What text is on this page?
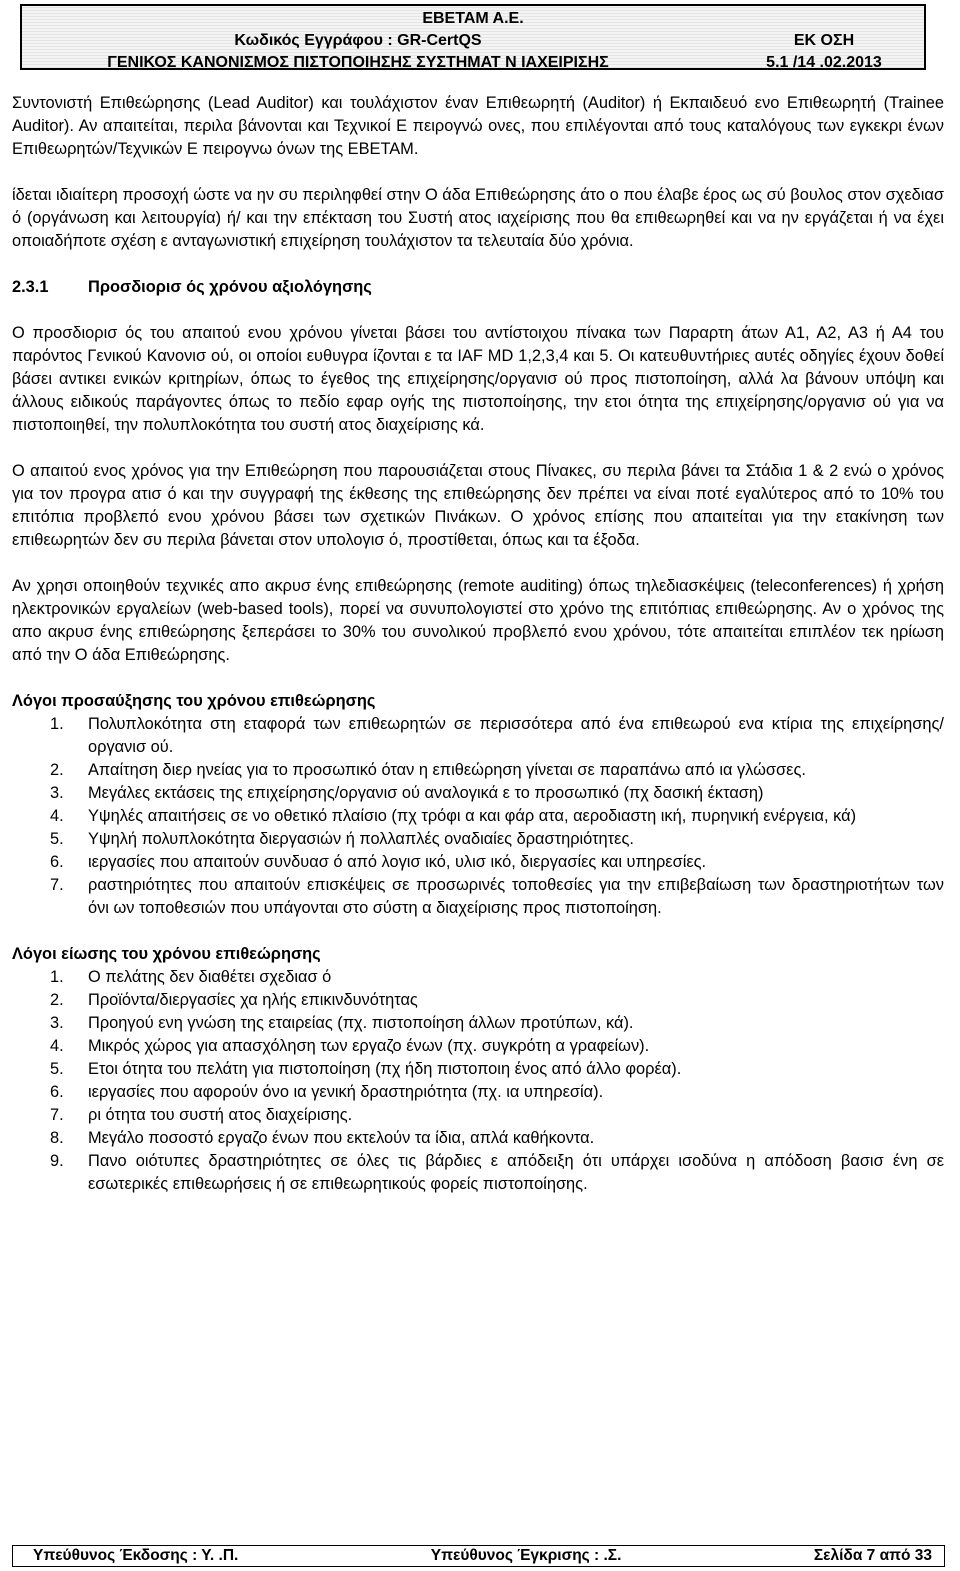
ΕΒΕΤΑΜ Α.Ε.
Κωδικός Εγγράφου : GR-CertQS	ΕΚ ΟΣΗ
ΓΕΝΙΚΟΣ ΚΑΝΟΝΙΣΜΟΣ ΠΙΣΤΟΠΟΙΗΣΗΣ ΣΥΣΤΗΜΑΤ Ν ΙΑΧΕΙΡΙΣΗΣ	5.1 /14 .02.2013

Συντονιστή Επιθεώρησης (Lead Auditor) και τουλάχιστον έναν Επιθεωρητή (Auditor) ή Εκπαιδευό ενο Επιθεωρητή (Trainee Auditor). Αν απαιτείται, περιλα βάνονται και Τεχνικοί Ε πειρογνώ ονες, που επιλέγονται από τους καταλόγους των εγκεκρι ένων Επιθεωρητών/Τεχνικών Ε πειρογνω όνων της ΕΒΕΤΑΜ.

ίδεται ιδιαίτερη προσοχή ώστε να ην συ περιληφθεί στην Ο άδα Επιθεώρησης άτο ο που έλαβε έρος ως σύ βουλος στον σχεδιασ ό (οργάνωση και λειτουργία) ή/ και την επέκταση του Συστή ατος ιαχείρισης που θα επιθεωρηθεί και να ην εργάζεται ή να έχει οποιαδήποτε σχέση ε ανταγωνιστική επιχείρηση τουλάχιστον τα τελευταία δύο χρόνια.

2.3.1	Προσδιορισ ός χρόνου αξιολόγησης

Ο προσδιορισ ός του απαιτού ενου χρόνου γίνεται βάσει του αντίστοιχου πίνακα των Παραρτη άτων Α1, Α2, Α3 ή Α4 του παρόντος Γενικού Κανονισ ού, οι οποίοι ευθυγρα ίζονται ε τα IAF MD 1,2,3,4 και 5. Οι κατευθυντήριες αυτές οδηγίες έχουν δοθεί βάσει αντικει ενικών κριτηρίων, όπως το έγεθος της επιχείρησης/οργανισ ού προς πιστοποίηση, αλλά λα βάνουν υπόψη και άλλους ειδικούς παράγοντες όπως το πεδίο εφαρ ογής της πιστοποίησης, την ετοι ότητα της επιχείρησης/οργανισ ού για να πιστοποιηθεί, την πολυπλοκότητα του συστή ατος διαχείρισης κά.

Ο απαιτού ενος χρόνος για την Επιθεώρηση που παρουσιάζεται στους Πίνακες, συ περιλα βάνει τα Στάδια 1 & 2 ενώ ο χρόνος για τον προγρα ατισ ό και την συγγραφή της έκθεσης της επιθεώρησης δεν πρέπει να είναι ποτέ εγαλύτερος από το 10% του επιτόπια προβλεπό ενου χρόνου βάσει των σχετικών Πινάκων. Ο χρόνος επίσης που απαιτείται για την ετακίνηση των επιθεωρητών δεν συ περιλα βάνεται στον υπολογισ ό, προστίθεται, όπως και τα έξοδα.

Αν χρησι οποιηθούν τεχνικές απο ακρυσ ένης επιθεώρησης (remote auditing) όπως τηλεδιασκέψεις (teleconferences) ή χρήση ηλεκτρονικών εργαλείων (web-based tools), πορεί να συνυπολογιστεί στο χρόνο της επιτόπιας επιθεώρησης. Αν ο χρόνος της απο ακρυσ ένης επιθεώρησης ξεπεράσει το 30% του συνολικού προβλεπό ενου χρόνου, τότε απαιτείται επιπλέον τεκ ηρίωση από την Ο άδα Επιθεώρησης.

Λόγοι προσαύξησης του χρόνου επιθεώρησης
1.	Πολυπλοκότητα στη εταφορά των επιθεωρητών σε περισσότερα από ένα επιθεωρού ενα κτίρια της επιχείρησης/οργανισ ού.
2.	Απαίτηση διερ ηνείας για το προσωπικό όταν η επιθεώρηση γίνεται σε παραπάνω από ια γλώσσες.
3.	Μεγάλες εκτάσεις της επιχείρησης/οργανισ ού αναλογικά ε το προσωπικό (πχ δασική έκταση)
4.	Υψηλές απαιτήσεις σε νο οθετικό πλαίσιο (πχ τρόφι α και φάρ ατα, αεροδιαστη ική, πυρηνική ενέργεια, κά)
5.	Υψηλή πολυπλοκότητα διεργασιών ή πολλαπλές οναδιαίες δραστηριότητες.
6.	ιεργασίες που απαιτούν συνδυασ ό από λογισ ικό, υλισ ικό, διεργασίες και υπηρεσίες.
7.	ραστηριότητες που απαιτούν επισκέψεις σε προσωρινές τοποθεσίες για την επιβεβαίωση των δραστηριοτήτων των όνι ων τοποθεσιών που υπάγονται στο σύστη α διαχείρισης προς πιστοποίηση.
Λόγοι είωσης του χρόνου επιθεώρησης
1.	Ο πελάτης δεν διαθέτει σχεδιασ ό
2.	Προϊόντα/διεργασίες χα ηλής επικινδυνότητας
3.	Προηγού ενη γνώση της εταιρείας (πχ. πιστοποίηση άλλων προτύπων, κά).
4.	Μικρός χώρος για απασχόληση των εργαζο ένων (πχ. συγκρότη α γραφείων).
5.	Ετοι ότητα του πελάτη για πιστοποίηση (πχ ήδη πιστοποιη ένος από άλλο φορέα).
6.	ιεργασίες που αφορούν όνο ια γενική δραστηριότητα (πχ. ια υπηρεσία).
7.	ρι ότητα του συστή ατος διαχείρισης.
8.	Μεγάλο ποσοστό εργαζο ένων που εκτελούν τα ίδια, απλά καθήκοντα.
9.	Πανο οιότυπες δραστηριότητες σε όλες τις βάρδιες ε απόδειξη ότι υπάρχει ισοδύνα η απόδοση βασισ ένη σε εσωτερικές επιθεωρήσεις ή σε επιθεωρητικούς φορείς πιστοποίησης.
Υπεύθυνος Έκδοσης : Υ. .Π.	Υπεύθυνος Έγκρισης : .Σ.	Σελίδα 7 από 33
